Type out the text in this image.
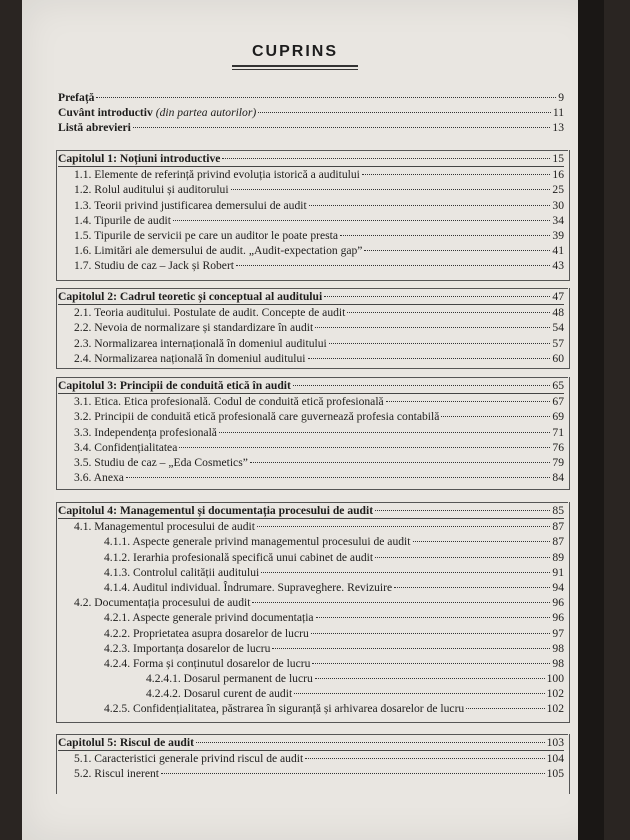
CUPRINS
Prefață	9
Cuvânt introductiv (din partea autorilor)	11
Listă abrevieri	13
Capitolul 1: Noțiuni introductive	15
1.1. Elemente de referință privind evoluția istorică a auditului	16
1.2. Rolul auditului și auditorului	25
1.3. Teorii privind justificarea demersului de audit	30
1.4. Tipurile de audit	34
1.5. Tipurile de servicii pe care un auditor le poate presta	39
1.6. Limitări ale demersului de audit. „Audit-expectation gap”	41
1.7. Studiu de caz – Jack și Robert	43
Capitolul 2: Cadrul teoretic și conceptual al auditului	47
2.1. Teoria auditului. Postulate de audit. Concepte de audit	48
2.2. Nevoia de normalizare și standardizare în audit	54
2.3. Normalizarea internațională în domeniul auditului	57
2.4. Normalizarea națională în domeniul auditului	60
Capitolul 3: Principii de conduită etică în audit	65
3.1. Etica. Etica profesională. Codul de conduită etică profesională	67
3.2. Principii de conduită etică profesională care guvernează profesia contabilă	69
3.3. Independența profesională	71
3.4. Confidențialitatea	76
3.5. Studiu de caz – „Eda Cosmetics”	79
3.6. Anexa	84
Capitolul 4: Managementul și documentația procesului de audit	85
4.1. Managementul procesului de audit	87
4.1.1. Aspecte generale privind managementul procesului de audit	87
4.1.2. Ierarhia profesională specifică unui cabinet de audit	89
4.1.3. Controlul calității auditului	91
4.1.4. Auditul individual. Îndrumare. Supraveghere. Revizuire	94
4.2. Documentația procesului de audit	96
4.2.1. Aspecte generale privind documentația	96
4.2.2. Proprietatea asupra dosarelor de lucru	97
4.2.3. Importanța dosarelor de lucru	98
4.2.4. Forma și conținutul dosarelor de lucru	98
4.2.4.1. Dosarul permanent de lucru	100
4.2.4.2. Dosarul curent de audit	102
4.2.5. Confidențialitatea, păstrarea în siguranță și arhivarea dosarelor de lucru	102
Capitolul 5: Riscul de audit	103
5.1. Caracteristici generale privind riscul de audit	104
5.2. Riscul inerent	105
